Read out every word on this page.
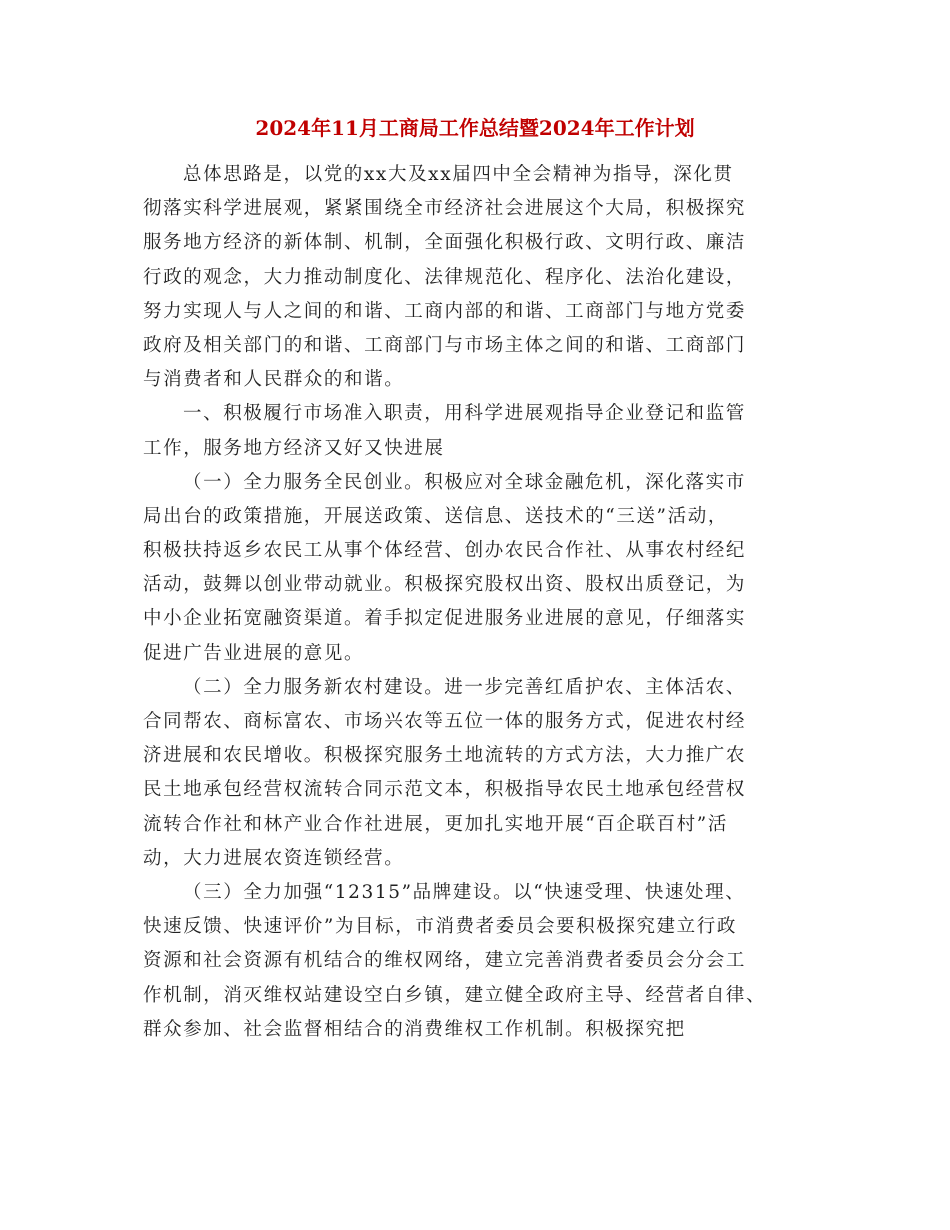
2024年11月工商局工作总结暨2024年工作计划

总体思路是，以党的xx大及xx届四中全会精神为指导，深化贯
彻落实科学进展观，紧紧围绕全市经济社会进展这个大局，积极探究
服务地方经济的新体制、机制，全面强化积极行政、文明行政、廉洁
行政的观念，大力推动制度化、法律规范化、程序化、法治化建设，
努力实现人与人之间的和谐、工商内部的和谐、工商部门与地方党委
政府及相关部门的和谐、工商部门与市场主体之间的和谐、工商部门
与消费者和人民群众的和谐。

一、积极履行市场准入职责，用科学进展观指导企业登记和监管
工作，服务地方经济又好又快进展

（一）全力服务全民创业。积极应对全球金融危机，深化落实市
局出台的政策措施，开展送政策、送信息、送技术的“三送”活动，
积极扶持返乡农民工从事个体经营、创办农民合作社、从事农村经纪
活动，鼓舞以创业带动就业。积极探究股权出资、股权出质登记，为
中小企业拓宽融资渠道。着手拟定促进服务业进展的意见，仔细落实
促进广告业进展的意见。

（二）全力服务新农村建设。进一步完善红盾护农、主体活农、
合同帮农、商标富农、市场兴农等五位一体的服务方式，促进农村经
济进展和农民增收。积极探究服务土地流转的方式方法，大力推广农
民土地承包经营权流转合同示范文本，积极指导农民土地承包经营权
流转合作社和林产业合作社进展，更加扎实地开展“百企联百村”活
动，大力进展农资连锁经营。

（三）全力加强“12315”品牌建设。以“快速受理、快速处理、
快速反馈、快速评价”为目标，市消费者委员会要积极探究建立行政
资源和社会资源有机结合的维权网络，建立完善消费者委员会分会工
作机制，消灭维权站建设空白乡镇，建立健全政府主导、经营者自律、
群众参加、社会监督相结合的消费维权工作机制。积极探究把
